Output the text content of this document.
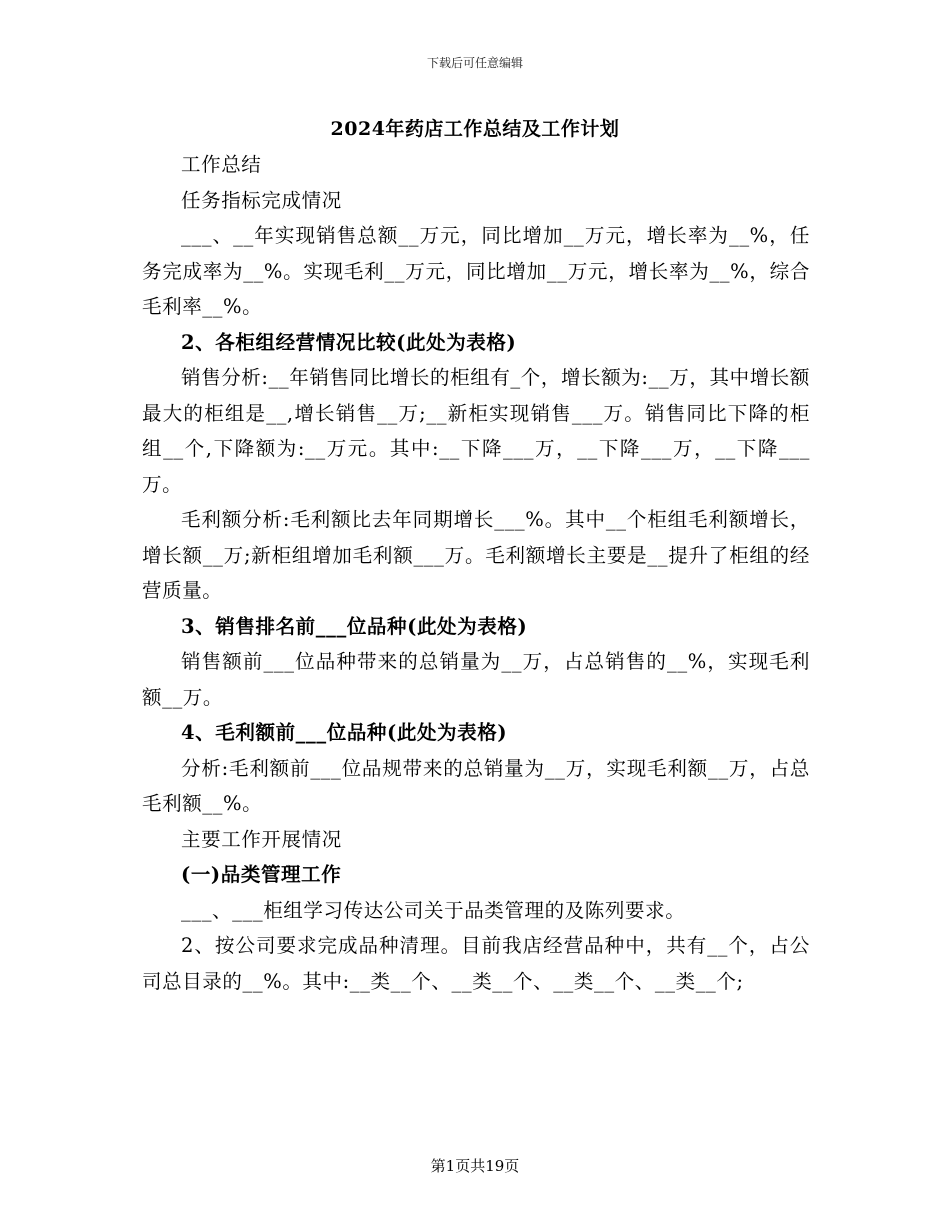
下载后可任意编辑
2024年药店工作总结及工作计划

工作总结

任务指标完成情况

___、__年实现销售总额__万元，同比增加__万元，增长率为__%，任务完成率为__%。实现毛利__万元，同比增加__万元，增长率为__%，综合毛利率__%。

2、各柜组经营情况比较(此处为表格)

销售分析:__年销售同比增长的柜组有_个，增长额为:__万，其中增长额最大的柜组是__,增长销售__万;__新柜实现销售___万。销售同比下降的柜组__个,下降额为:__万元。其中:__下降___万，__下降___万，__下降___万。

毛利额分析:毛利额比去年同期增长___%。其中__个柜组毛利额增长，增长额__万;新柜组增加毛利额___万。毛利额增长主要是__提升了柜组的经营质量。

3、销售排名前___位品种(此处为表格)

销售额前___位品种带来的总销量为__万，占总销售的__%，实现毛利额__万。

4、毛利额前___位品种(此处为表格)

分析:毛利额前___位品规带来的总销量为__万，实现毛利额__万，占总毛利额__%。

主要工作开展情况

(一)品类管理工作

___、___柜组学习传达公司关于品类管理的及陈列要求。

2、按公司要求完成品种清理。目前我店经营品种中，共有__个，占公司总目录的__%。其中:__类__个、__类__个、__类__个、__类__个;

第1页共19页
